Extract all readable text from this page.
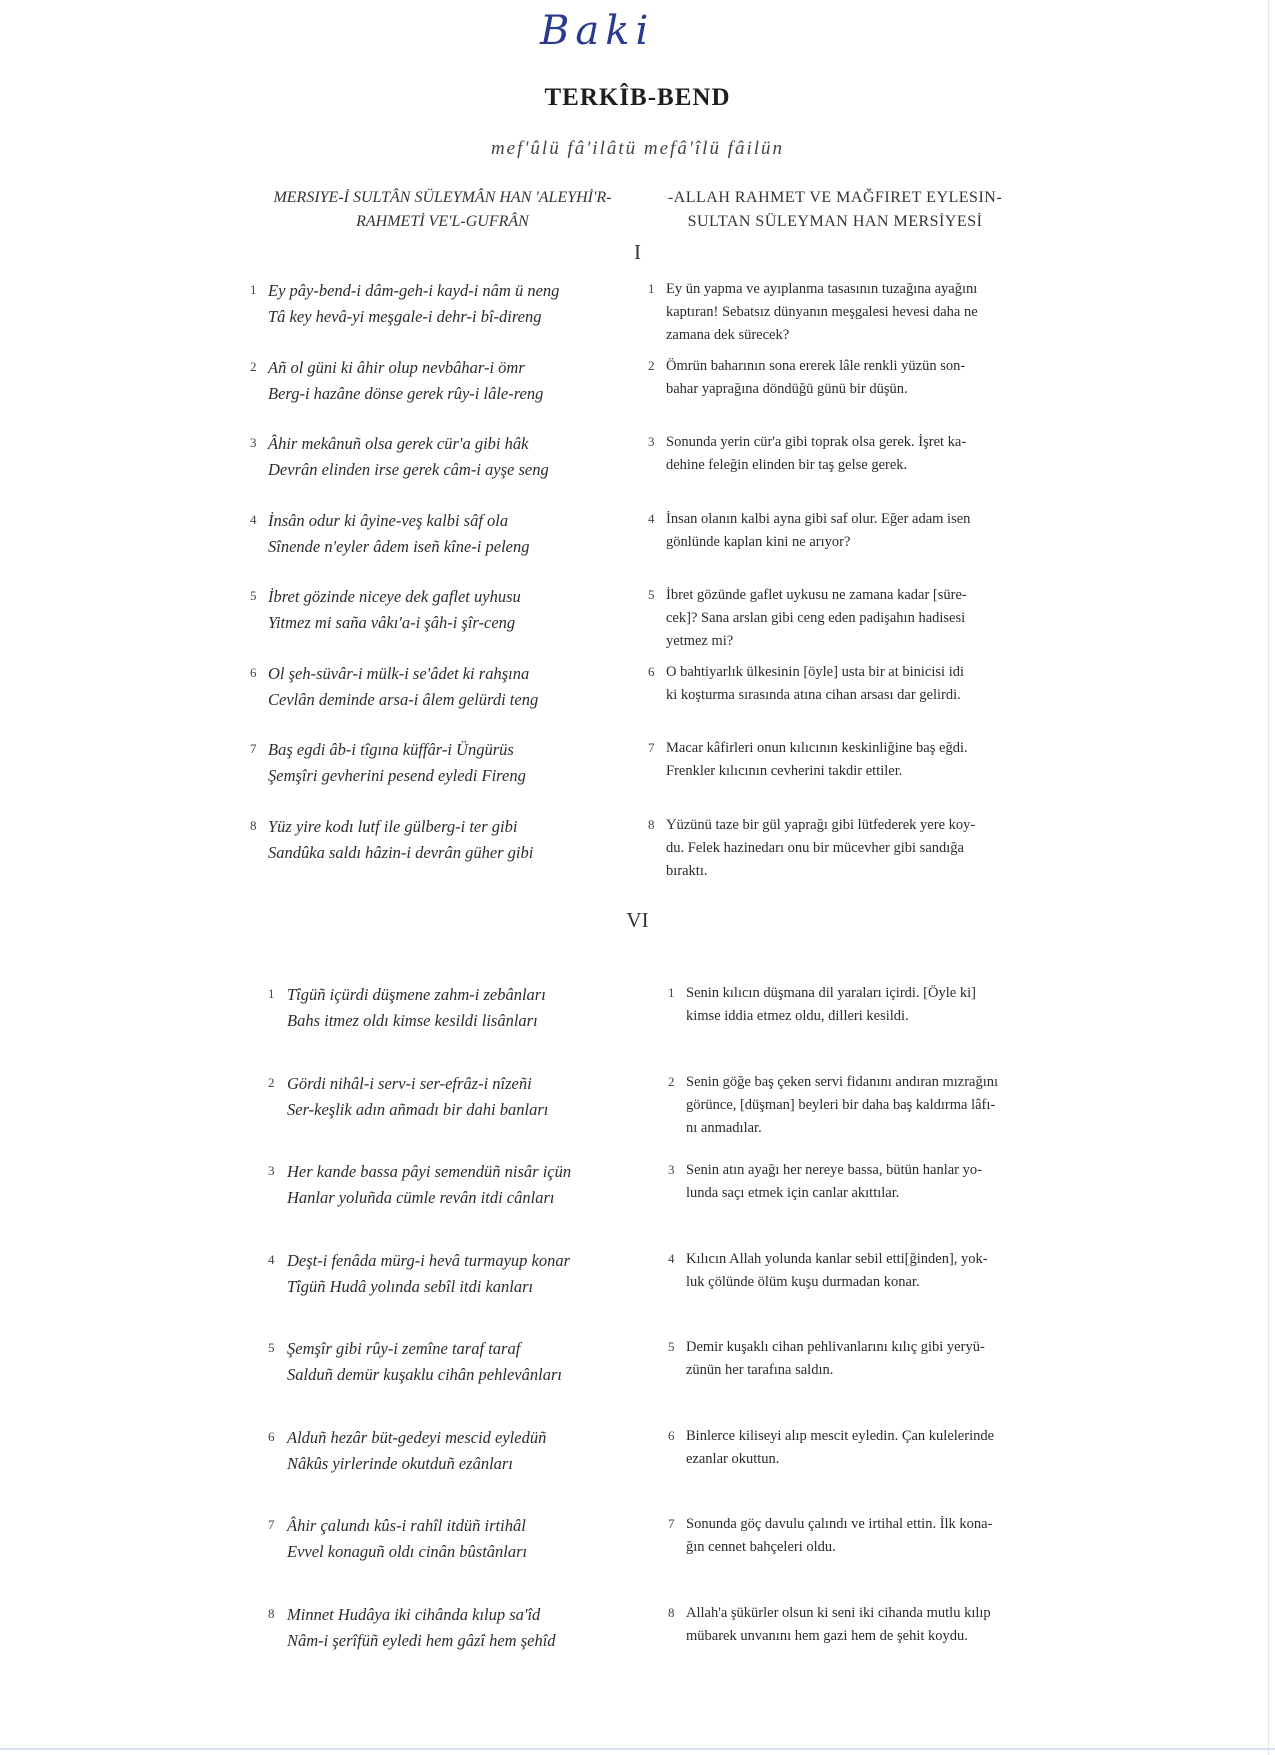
Baki
TERKÎB-BEND
mef'ûlü fâ'ilâtü mefâ'îlü fâilün
MERSIYE-İ SULTÂN SÜLEYMÂN HAN 'ALEYHİ'R-
RAHMETİ VE'L-GUFRÂN
-ALLAH RAHMET VE MAĞFIRET EYLESIN-
SULTAN SÜLEYMAN HAN MERSİYESİ
I
1 Ey pây-bend-i dâm-geh-i kayd-i nâm ü neng
Tâ key hevâ-yi meşgale-i dehr-i bî-direng
1 Ey ün yapma ve ayıplanma tasasının tuzağına ayağını
kaptıran! Sebatsız dünyanın meşgalesi hevesi daha ne
zamana dek sürecek?
2 Añ ol güni ki âhir olup nevbâhar-i ömr
Berg-i hazâne dönse gerek rûy-i lâle-reng
2 Ömrün baharının sona ererek lâle renkli yüzün son-
bahar yaprağına döndüğü günü bir düşün.
3 Âhir mekânuñ olsa gerek cür'a gibi hâk
Devrân elinden irse gerek câm-i ayşe seng
3 Sonunda yerin cür'a gibi toprak olsa gerek. İşret ka-
dehine feleğin elinden bir taş gelse gerek.
4 İnsân odur ki âyine-veş kalbi sâf ola
Sînende n'eyler âdem iseñ kîne-i peleng
4 İnsan olanın kalbi ayna gibi saf olur. Eğer adam isen
gönlünde kaplan kini ne arıyor?
5 İbret gözinde niceye dek gaflet uyhusu
Yitmez mi saña vâkı'a-i şâh-i şîr-ceng
5 İbret gözünde gaflet uykusu ne zamana kadar [süre-
cek]? Sana arslan gibi ceng eden padişahın hadisesi
yetmez mi?
6 Ol şeh-süvâr-i mülk-i se'âdet ki rahşına
Cevlân deminde arsa-i âlem gelürdi teng
6 O bahtiyarlık ülkesinin [öyle] usta bir at binicisi idi
ki koşturma sırasında atına cihan arsası dar gelirdi.
7 Baş egdi âb-i tîgına küffâr-i Üngürüs
Şemşîri gevherini pesend eyledi Fireng
7 Macar kâfirleri onun kılıcının keskinliğine baş eğdi.
Frenkler kılıcının cevherini takdir ettiler.
8 Yüz yire kodı lutf ile gülberg-i ter gibi
Sandûka saldı hâzin-i devrân güher gibi
8 Yüzünü taze bir gül yaprağı gibi lütfederek yere koy-
du. Felek hazinedarı onu bir mücevher gibi sandığa
bıraktı.
VI
1 Tîgüñ içürdi düşmene zahm-i zebânları
Bahs itmez oldı kimse kesildi lisânları
1 Senin kılıcın düşmana dil yaraları içirdi. [Öyle ki]
kimse iddia etmez oldu, dilleri kesildi.
2 Gördi nihâl-i serv-i ser-efrâz-i nîzeñi
Ser-keşlik adın añmadı bir dahi banları
2 Senin göğe baş çeken servi fidanını andıran mızrağını
görünce, [düşman] beyleri bir daha baş kaldırma lâfı-
nı anmadılar.
3 Her kande bassa pâyi semendüñ nisâr içün
Hanlar yoluñda cümle revân itdi cânları
3 Senin atın ayağı her nereye bassa, bütün hanlar yo-
lunda saçı etmek için canlar akıttılar.
4 Deşt-i fenâda mürg-i hevâ turmayup konar
Tîgüñ Hudâ yolında sebîl itdi kanları
4 Kılıcın Allah yolunda kanlar sebil etti[ğinden], yok-
luk çölünde ölüm kuşu durmadan konar.
5 Şemşîr gibi rûy-i zemîne taraf taraf
Salduñ demür kuşaklu cihân pehlevânları
5 Demir kuşaklı cihan pehlivanlarını kılıç gibi yeryü-
zünün her tarafına saldın.
6 Alduñ hezâr büt-gedeyi mescid eyledüñ
Nâkûs yirlerinde okutduñ ezânları
6 Binlerce kiliseyi alıp mescit eyledin. Çan kulelerinde
ezanlar okuttun.
7 Âhir çalundı kûs-i rahîl itdüñ irtihâl
Evvel konaguñ oldı cinân bûstânları
7 Sonunda göç davulu çalındı ve irtihal ettin. İlk kona-
ğın cennet bahçeleri oldu.
8 Minnet Hudâya iki cihânda kılup sa'îd
Nâm-i şerîfüñ eyledi hem gâzî hem şehîd
8 Allah'a şükürler olsun ki seni iki cihanda mutlu kılıp
mübarek unvanını hem gazi hem de şehit koydu.
